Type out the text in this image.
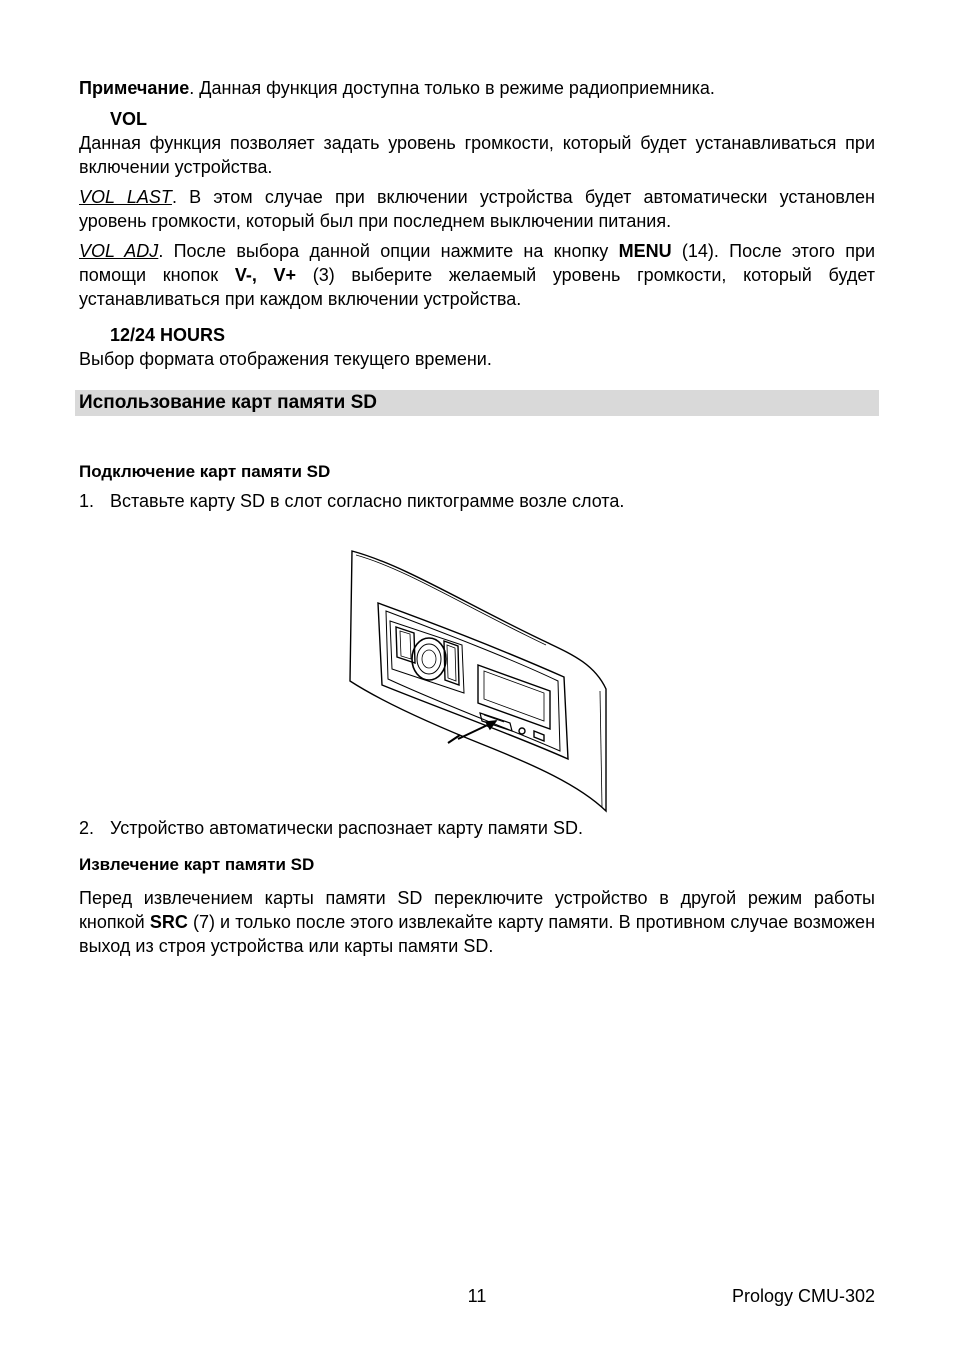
Примечание. Данная функция доступна только в режиме радиоприемника.

VOL

Данная функция позволяет задать уровень громкости, который будет устанавливаться при включении устройства.

VOL LAST. В этом случае при включении устройства будет автоматически установлен уровень громкости, который был при последнем выключении питания.

VOL ADJ. После выбора данной опции нажмите на кнопку MENU (14). После этого при помощи кнопок V-, V+ (3) выберите желаемый уровень громкости, который будет устанавливаться при каждом включении устройства.

12/24 HOURS

Выбор формата отображения текущего времени.

Использование карт памяти SD
Подключение карт памяти SD
1. Вставьте карту SD в слот согласно пиктограмме возле слота.
2. Устройство автоматически распознает карту памяти SD.
Извлечение карт памяти SD

Перед извлечением карты памяти SD переключите устройство в другой режим работы кнопкой SRC (7) и только после этого извлекайте карту памяти. В противном случае возможен выход из строя устройства или карты памяти SD.

11	Prology CMU-302
